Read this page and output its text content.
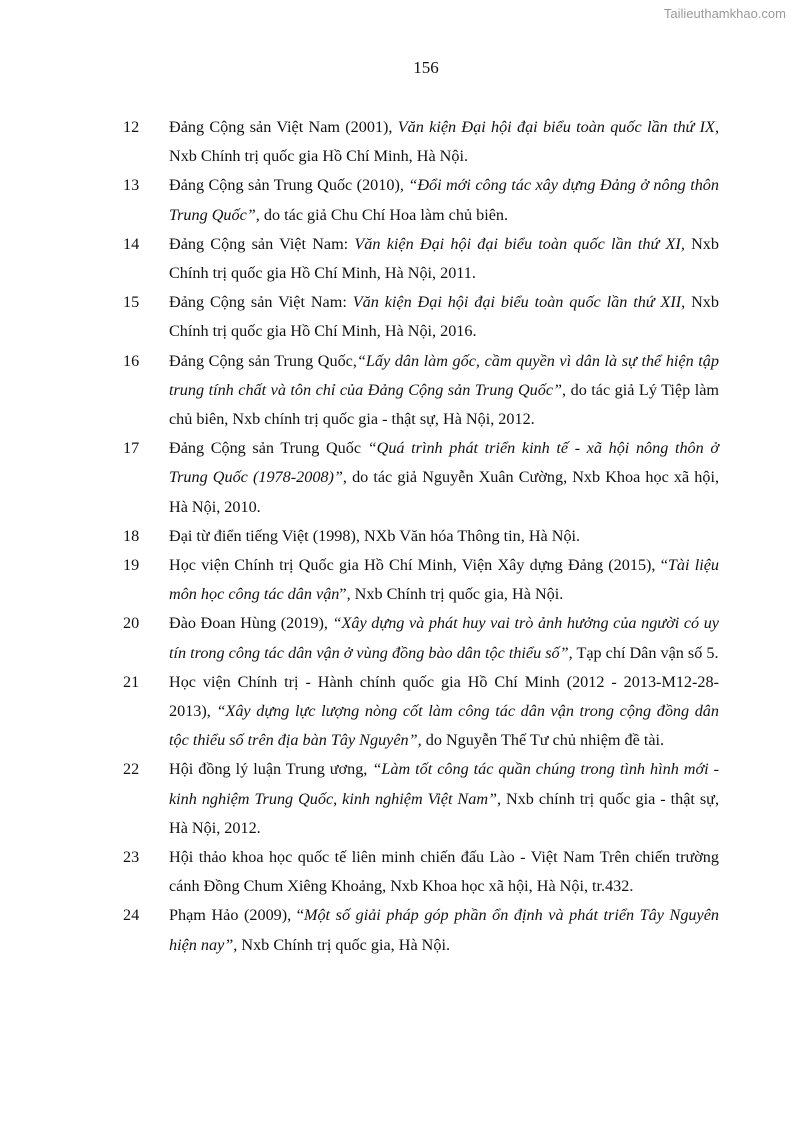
Tailieuthamkhao.com
156
12	Đảng Cộng sản Việt Nam (2001), Văn kiện Đại hội đại biểu toàn quốc lần thứ IX, Nxb Chính trị quốc gia Hồ Chí Minh, Hà Nội.
13	Đảng Cộng sản Trung Quốc (2010), “Đổi mới công tác xây dựng Đảng ở nông thôn Trung Quốc”, do tác giả Chu Chí Hoa làm chủ biên.
14	Đảng Cộng sản Việt Nam: Văn kiện Đại hội đại biểu toàn quốc lần thứ XI, Nxb Chính trị quốc gia Hồ Chí Minh, Hà Nội, 2011.
15	Đảng Cộng sản Việt Nam: Văn kiện Đại hội đại biểu toàn quốc lần thứ XII, Nxb Chính trị quốc gia Hồ Chí Minh, Hà Nội, 2016.
16	Đảng Cộng sản Trung Quốc,“Lấy dân làm gốc, cầm quyền vì dân là sự thể hiện tập trung tính chất và tôn chỉ của Đảng Cộng sản Trung Quốc”, do tác giả Lý Tiệp làm chủ biên, Nxb chính trị quốc gia - thật sự, Hà Nội, 2012.
17	Đảng Cộng sản Trung Quốc “Quá trình phát triển kinh tế - xã hội nông thôn ở Trung Quốc (1978-2008)”, do tác giả Nguyễn Xuân Cường, Nxb Khoa học xã hội, Hà Nội, 2010.
18	Đại từ điển tiếng Việt (1998), NXb Văn hóa Thông tin, Hà Nội.
19	Học viện Chính trị Quốc gia Hồ Chí Minh, Viện Xây dựng Đảng (2015), “Tài liệu môn học công tác dân vận”, Nxb Chính trị quốc gia, Hà Nội.
20	Đào Đoan Hùng (2019), “Xây dựng và phát huy vai trò ảnh hưởng của người có uy tín trong công tác dân vận ở vùng đồng bào dân tộc thiểu số”, Tạp chí Dân vận số 5.
21	Học viện Chính trị - Hành chính quốc gia Hồ Chí Minh (2012 - 2013-M12-28-2013), “Xây dựng lực lượng nòng cốt làm công tác dân vận trong cộng đồng dân tộc thiểu số trên địa bàn Tây Nguyên”, do Nguyễn Thế Tư chủ nhiệm đề tài.
22	Hội đồng lý luận Trung ương, “Làm tốt công tác quần chúng trong tình hình mới - kinh nghiệm Trung Quốc, kinh nghiệm Việt Nam”, Nxb chính trị quốc gia - thật sự, Hà Nội, 2012.
23	Hội thảo khoa học quốc tế liên minh chiến đấu Lào - Việt Nam Trên chiến trường cánh Đồng Chum Xiêng Khoảng, Nxb Khoa học xã hội, Hà Nội, tr.432.
24	Phạm Hảo (2009), “Một số giải pháp góp phần ổn định và phát triển Tây Nguyên hiện nay”, Nxb Chính trị quốc gia, Hà Nội.
